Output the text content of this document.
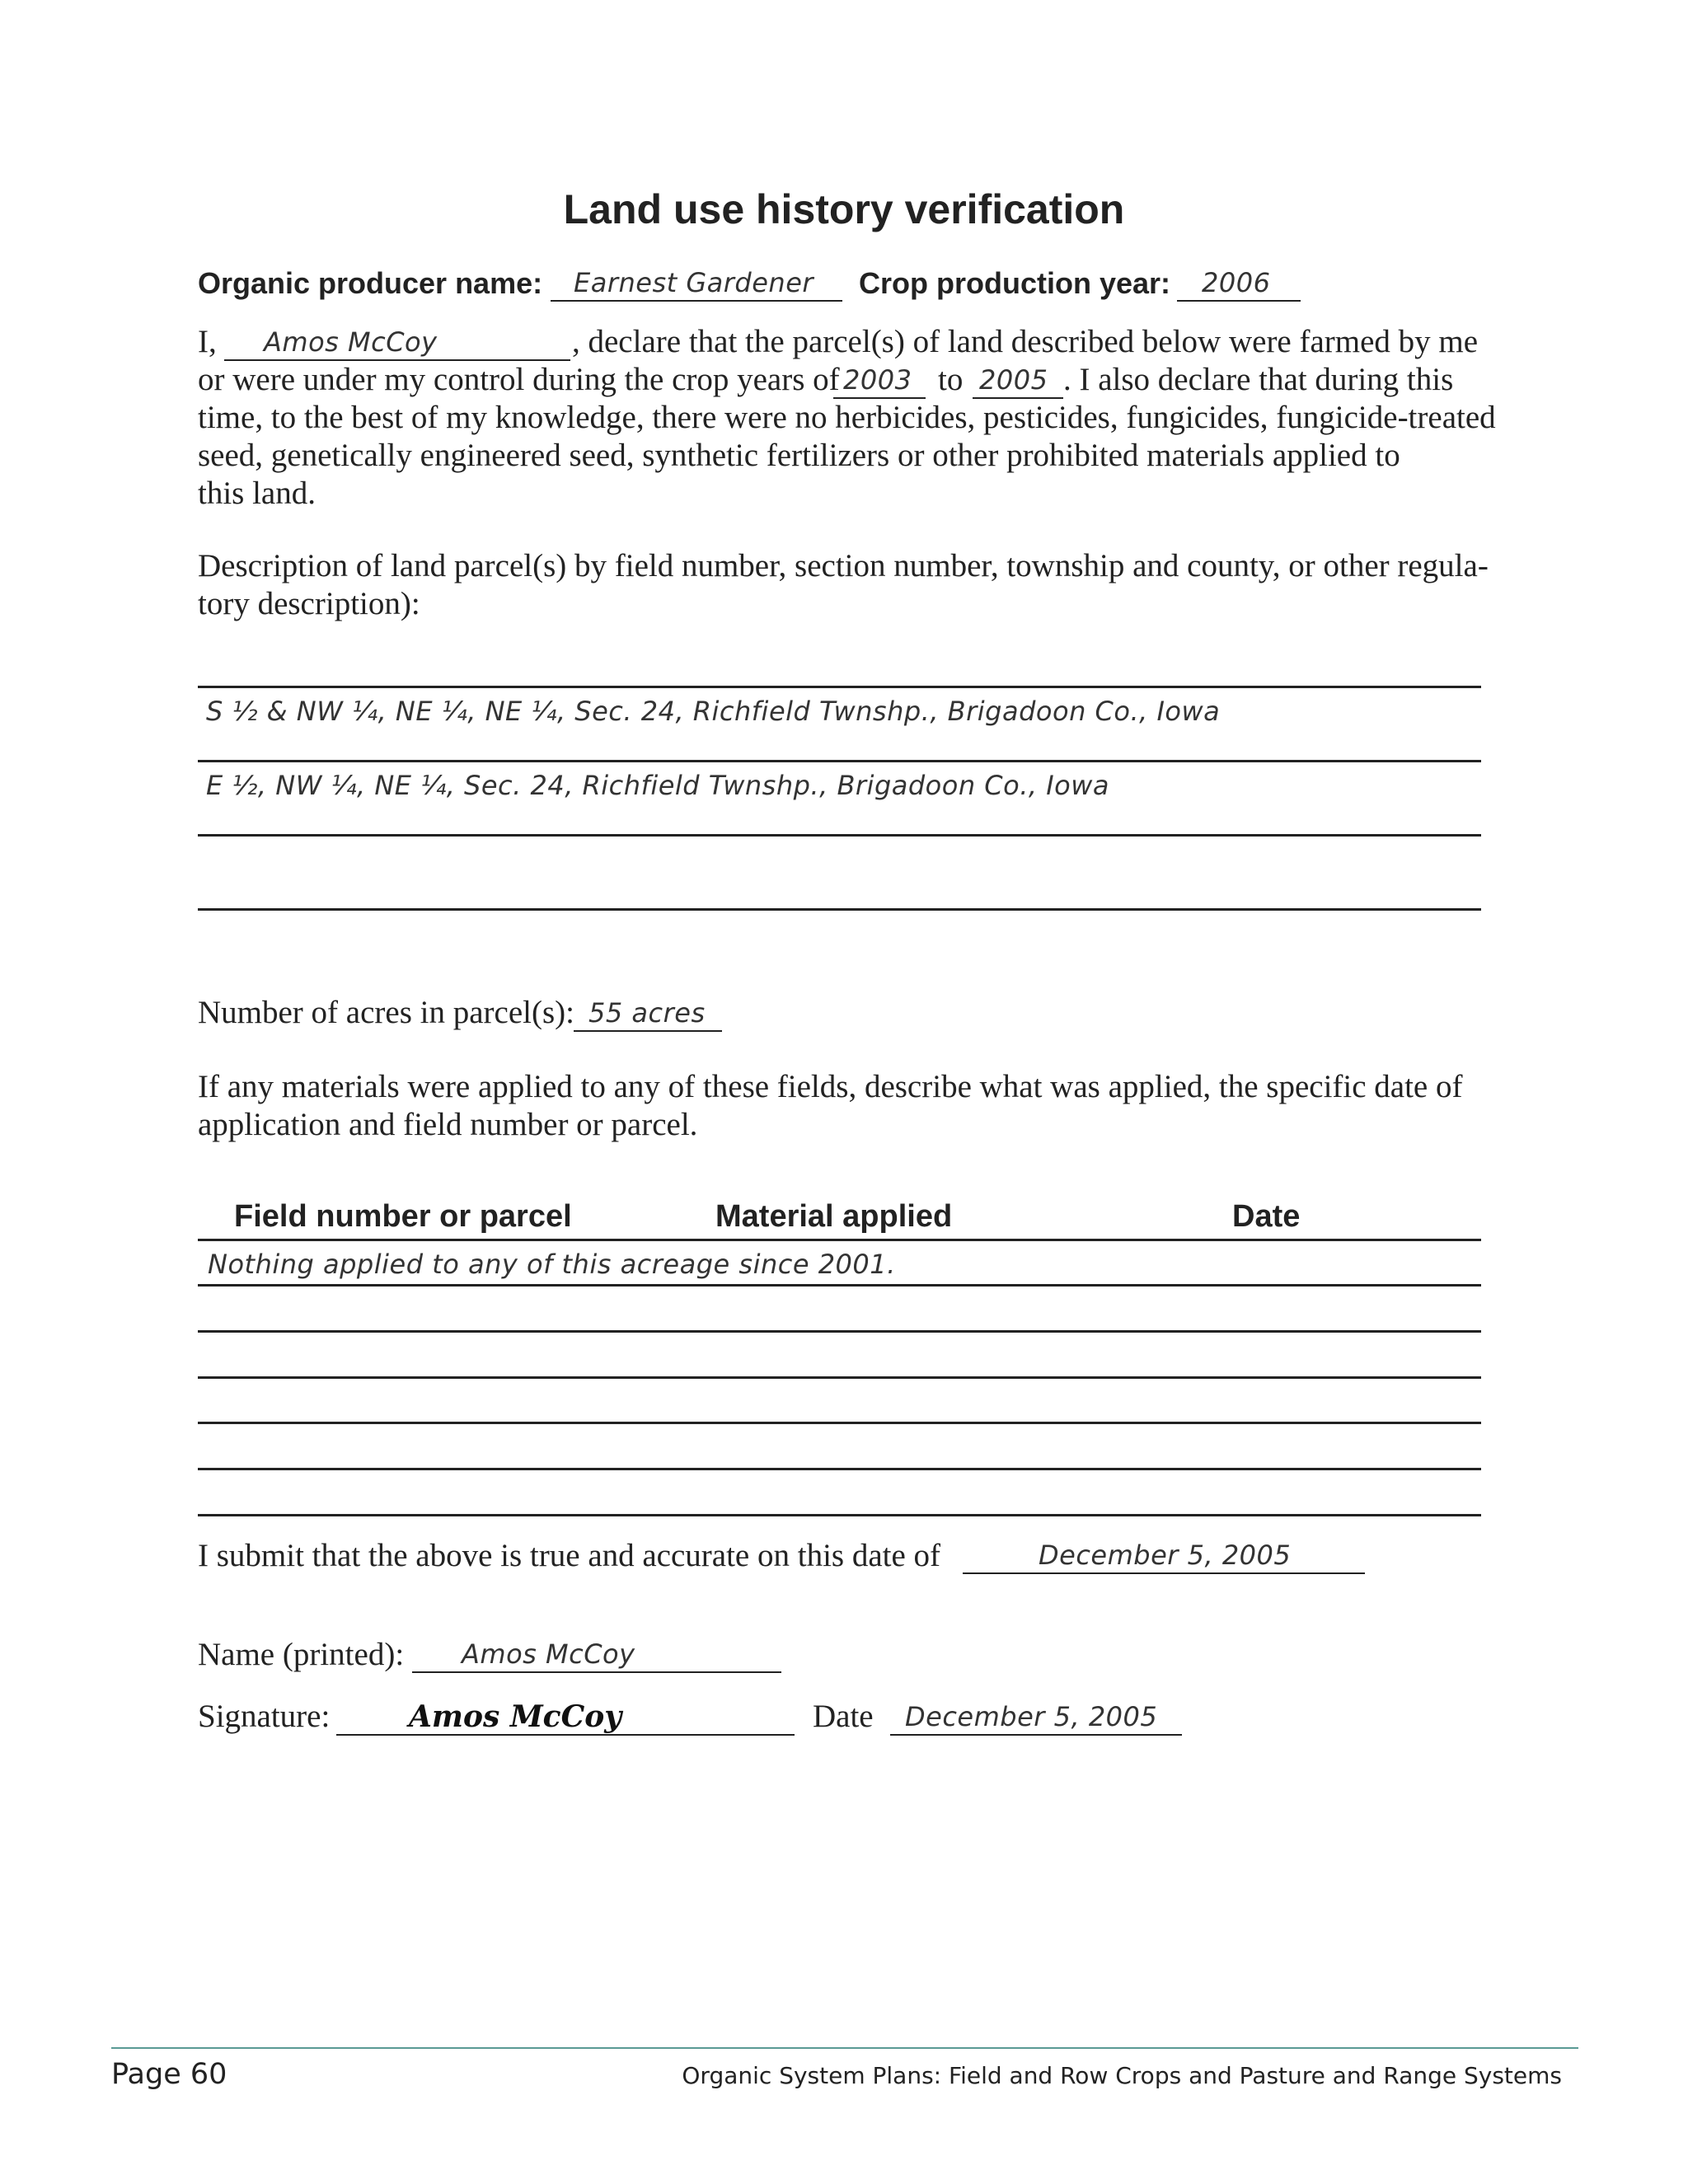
Land use history verification
Organic producer name: Earnest Gardener Crop production year: 2006
I, Amos McCoy	, declare that the parcel(s) of land described below were farmed by me
or were under my control during the crop years of 2003 to 2005 . I also declare that during this
time, to the best of my knowledge, there were no herbicides, pesticides, fungicides, fungicide-treated
seed, genetically engineered seed, synthetic fertilizers or other prohibited materials applied to
this land.
Description of land parcel(s) by field number, section number, township and county, or other regula-
tory description):
S ½ & NW ¼, NE ¼, NE ¼, Sec. 24, Richfield Twnshp., Brigadoon Co., Iowa
E ½, NW ¼, NE ¼, Sec. 24, Richfield Twnshp., Brigadoon Co., Iowa
Number of acres in parcel(s): 55 acres
If any materials were applied to any of these fields, describe what was applied, the specific date of
application and field number or parcel.
Field number or parcel	Material applied	Date
Nothing applied to any of this acreage since 2001.
I submit that the above is true and accurate on this date of	December 5, 2005
Name (printed): Amos McCoy
Signature:	Amos McCoy	Date December 5, 2005
Page 60	Organic System Plans: Field and Row Crops and Pasture and Range Systems
